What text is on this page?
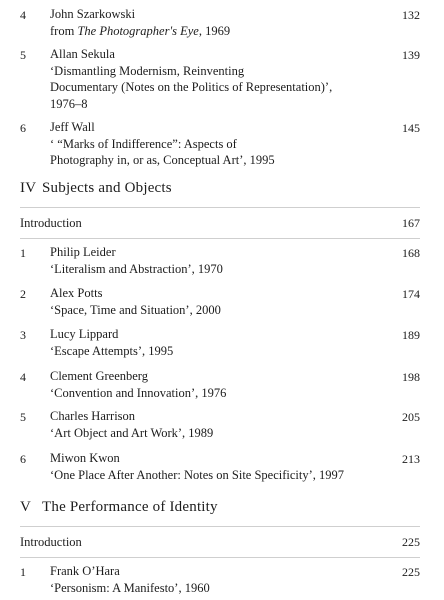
4 John Szarkowski
from The Photographer's Eye, 1969
132
5 Allan Sekula
‘Dismantling Modernism, Reinventing
Documentary (Notes on the Politics of Representation)’,
1976–8
139
6 Jeff Wall
‘ “Marks of Indifference”: Aspects of
Photography in, or as, Conceptual Art’, 1995
145
IV Subjects and Objects
Introduction	167
1 Philip Leider
‘Literalism and Abstraction’, 1970
168
2 Alex Potts
‘Space, Time and Situation’, 2000
174
3 Lucy Lippard
‘Escape Attempts’, 1995
189
4 Clement Greenberg
‘Convention and Innovation’, 1976
198
5 Charles Harrison
‘Art Object and Art Work’, 1989
205
6 Miwon Kwon
‘One Place After Another: Notes on Site Specificity’, 1997
213
V The Performance of Identity
Introduction	225
1 Frank O’Hara
‘Personism: A Manifesto’, 1960
225
